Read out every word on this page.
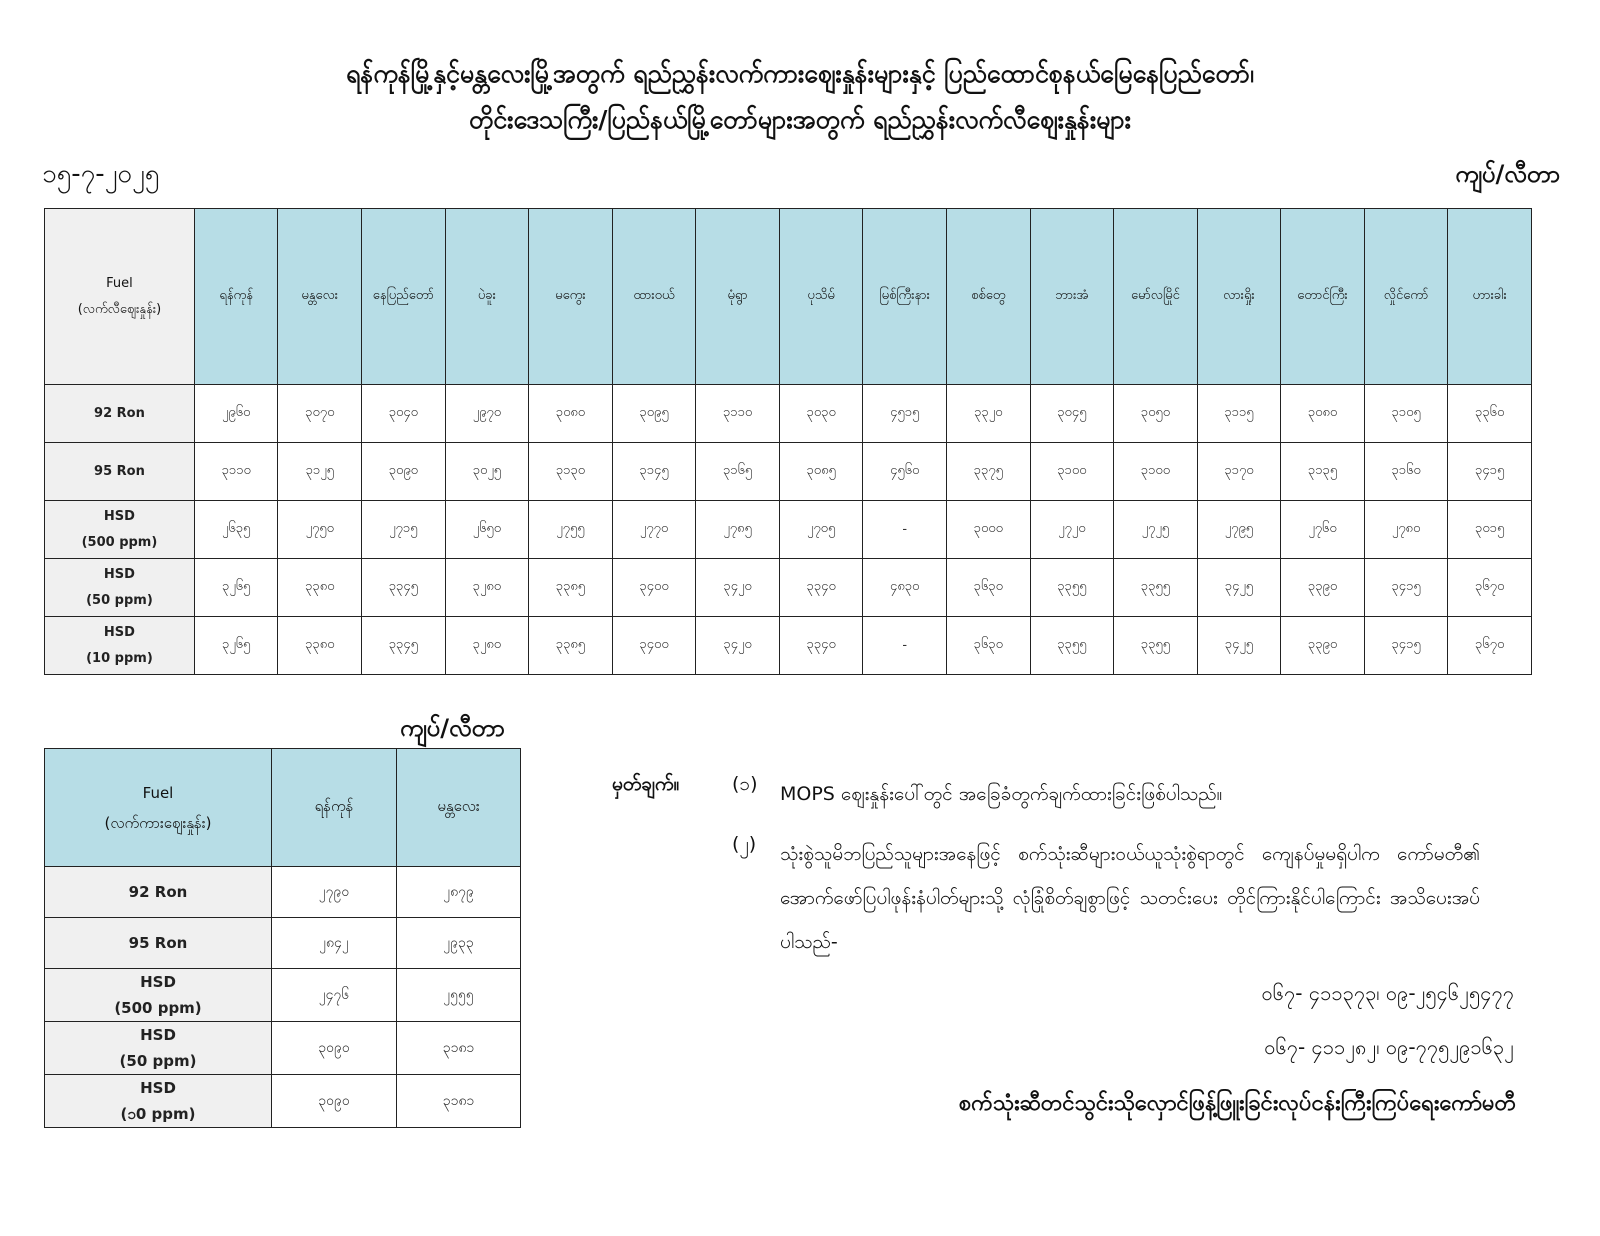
ရန်ကုန်မြို့နှင့်မန္တလေးမြို့အတွက် ရည်ညွှန်းလက်ကားဈေးနှုန်းများနှင့် ပြည်ထောင်စုနယ်မြေနေပြည်တော်၊
တိုင်းဒေသကြီး/ပြည်နယ်မြို့တော်များအတွက် ရည်ညွှန်းလက်လီဈေးနှုန်းများ
၁၅-၇-၂၀၂၅	ကျပ်/လီတာ
Fuel
(လက်လီဈေးနှုန်း)	ရန်ကုန်	မန္တလေး	နေပြည်တော်	ပဲခူး	မကွေး	ထားဝယ်	မုံရွာ	ပုသိမ်	မြစ်ကြီးနား	စစ်တွေ	ဘားအံ	မော်လမြိုင်	လားရှိုး	တောင်ကြီး	လှိုင်ကော်	ဟားခါး
92 Ron	၂၉၆၀	၃၀၇၀	၃၀၄၀	၂၉၇၀	၃၀၈၀	၃၀၉၅	၃၁၁၀	၃၀၃၀	၄၅၁၅	၃၃၂၀	၃၀၄၅	၃၀၅၀	၃၁၁၅	၃၀၈၀	၃၁၀၅	၃၃၆၀
95 Ron	၃၁၁၀	၃၁၂၅	၃၀၉၀	၃၀၂၅	၃၁၃၀	၃၁၄၅	၃၁၆၅	၃၀၈၅	၄၅၆၀	၃၃၇၅	၃၁၀၀	၃၁၀၀	၃၁၇၀	၃၁၃၅	၃၁၆၀	၃၄၁၅
HSD
(500 ppm)	၂၆၃၅	၂၇၅၀	၂၇၁၅	၂၆၅၀	၂၇၅၅	၂၇၇၀	၂၇၈၅	၂၇၀၅	-	၃၀၀၀	၂၇၂၀	၂၇၂၅	၂၇၉၅	၂၇၆၀	၂၇၈၀	၃၀၁၅
HSD
(50 ppm)	၃၂၆၅	၃၃၈၀	၃၃၄၅	၃၂၈၀	၃၃၈၅	၃၄၀၀	၃၄၂၀	၃၃၄၀	၄၈၃၀	၃၆၃၀	၃၃၅၅	၃၃၅၅	၃၄၂၅	၃၃၉၀	၃၄၁၅	၃၆၇၀
HSD
(10 ppm)	၃၂၆၅	၃၃၈၀	၃၃၄၅	၃၂၈၀	၃၃၈၅	၃၄၀၀	၃၄၂၀	၃၃၄၀	-	၃၆၃၀	၃၃၅၅	၃၃၅၅	၃၄၂၅	၃၃၉၀	၃၄၁၅	၃၆၇၀
ကျပ်/လီတာ
Fuel
(လက်ကားဈေးနှုန်း)	ရန်ကုန်	မန္တလေး
92 Ron	၂၇၉၀	၂၈၇၉
95 Ron	၂၈၄၂	၂၉၃၃
HSD
(500 ppm)	၂၄၇၆	၂၅၅၅
HSD
(50 ppm)	၃၀၉၀	၃၁၈၁
HSD
(၁0 ppm)	၃၀၉၀	၃၁၈၁
မှတ်ချက်။	(၁) MOPS ဈေးနှုန်းပေါ်တွင် အခြေခံတွက်ချက်ထားခြင်းဖြစ်ပါသည်။
(၂) သုံးစွဲသူမိဘပြည်သူများအနေဖြင့် စက်သုံးဆီများဝယ်ယူသုံးစွဲရာတွင် ကျေနပ်မှုမရှိပါက ကော်မတီ၏ အောက်ဖော်ပြပါဖုန်းနံပါတ်များသို့ လုံခြုံစိတ်ချစွာဖြင့် သတင်းပေး တိုင်ကြားနိုင်ပါကြောင်း အသိပေးအပ်ပါသည်-
၀၆၇- ၄၁၁၃၇၃၊ ၀၉-၂၅၄၆၂၅၄၇၇
၀၆၇- ၄၁၁၂၈၂၊ ၀၉-၇၇၅၂၉၁၆၃၂
စက်သုံးဆီတင်သွင်းသိုလှောင်ဖြန့်ဖြူးခြင်းလုပ်ငန်းကြီးကြပ်ရေးကော်မတီ
